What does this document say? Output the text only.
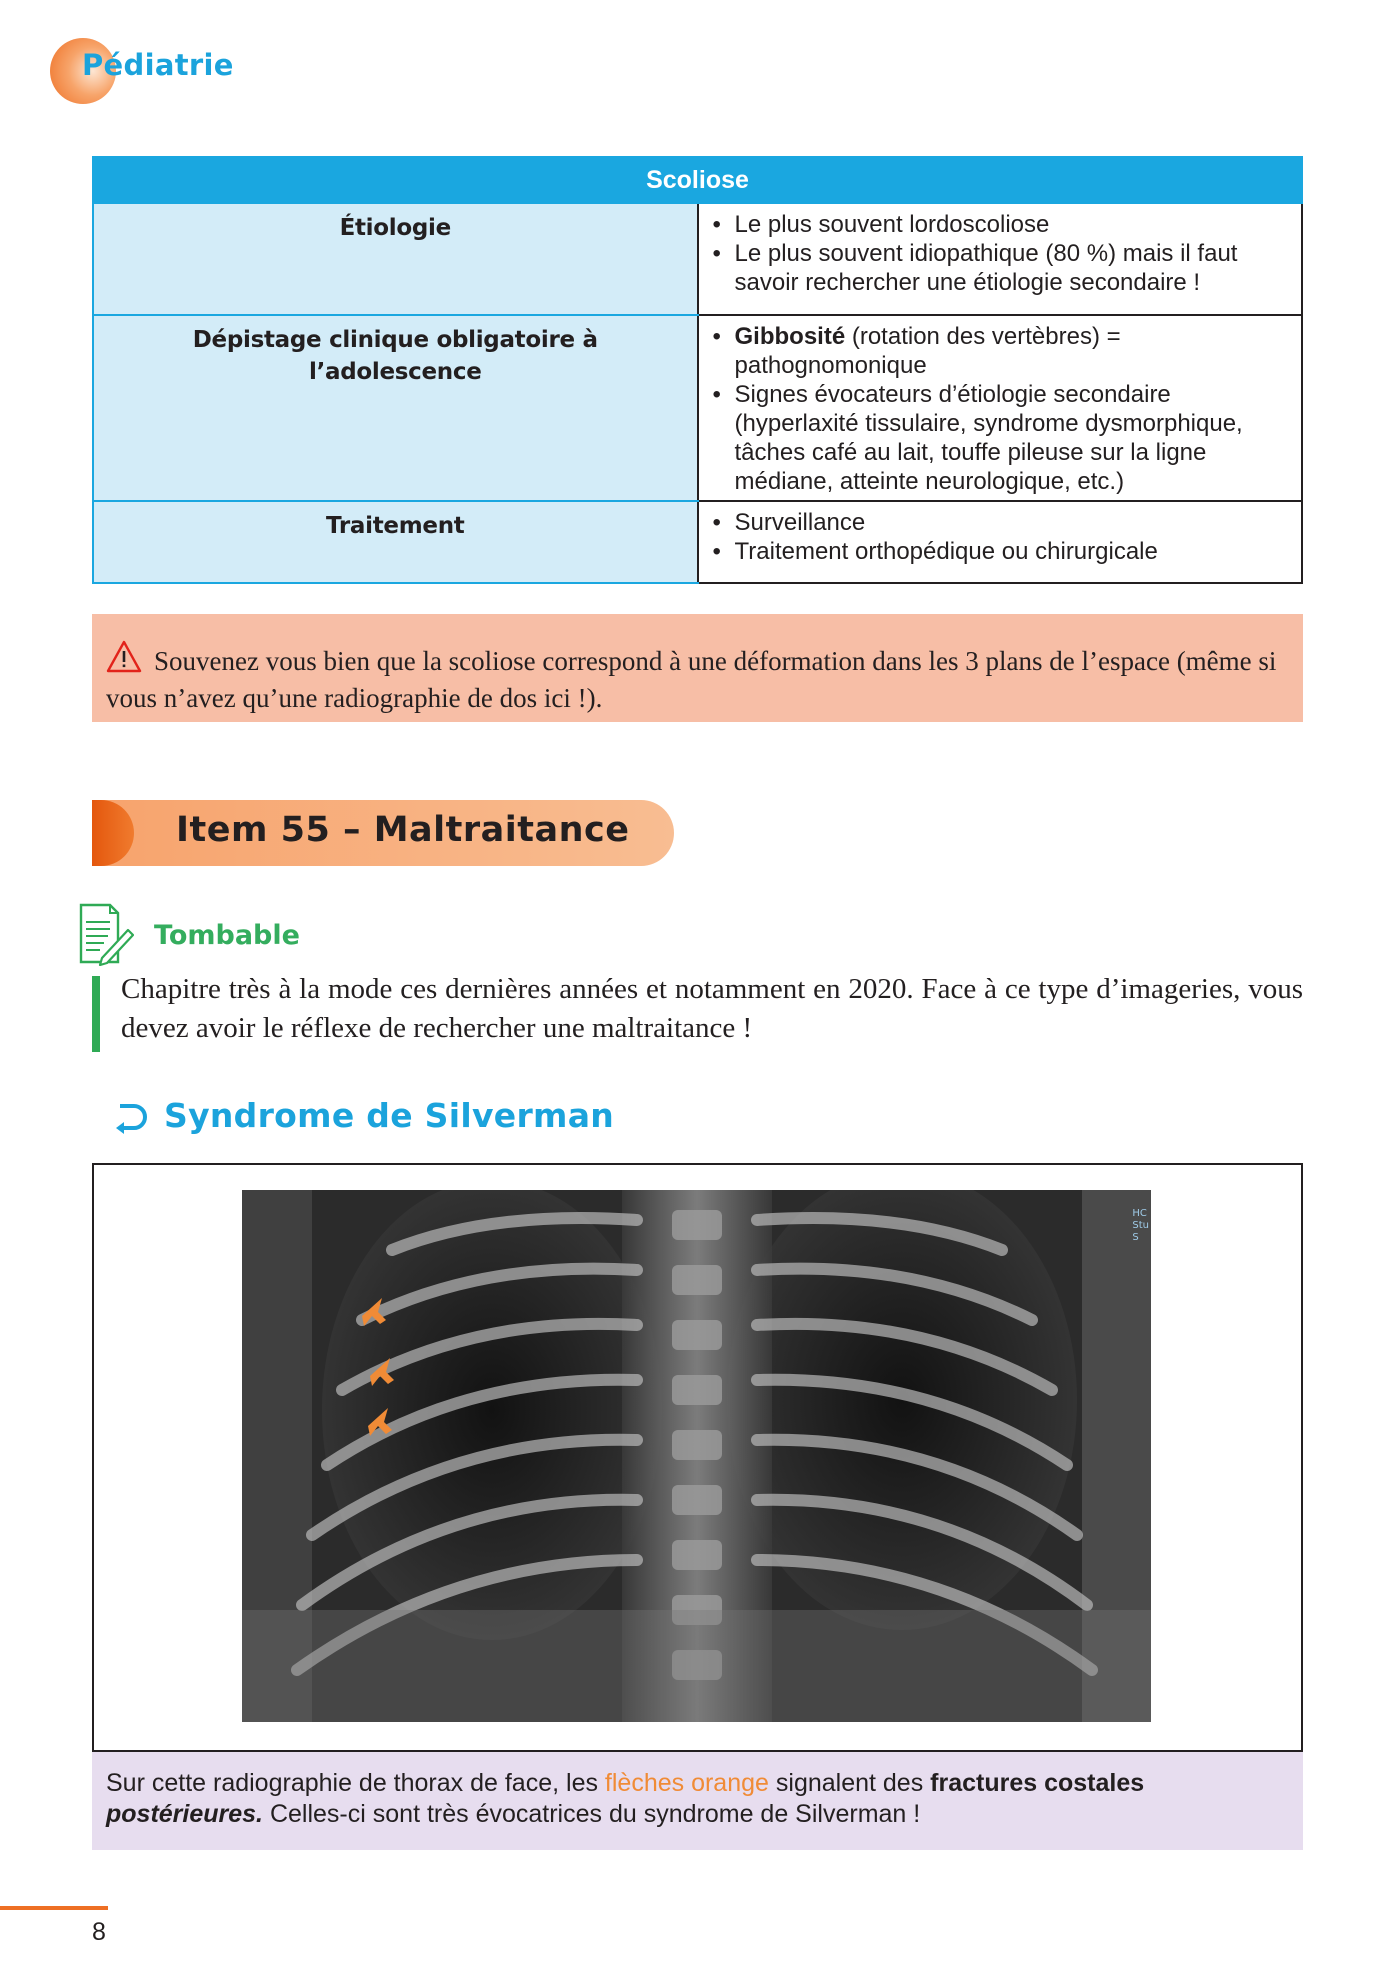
Pédiatrie
Scoliose	
Étiologie	• Le plus souvent lordoscoliose
• Le plus souvent idiopathique (80 %) mais il faut savoir rechercher une étiologie secondaire !

Dépistage clinique obligatoire à l’adolescence	• Gibbosité (rotation des vertèbres) = pathognomonique
• Signes évocateurs d’étiologie secondaire (hyperlaxité tissulaire, syndrome dysmorphique, tâches café au lait, touffe pileuse sur la ligne médiane, atteinte neurologique, etc.)

Traitement	• Surveillance
• Traitement orthopédique ou chirurgicale
Souvenez vous bien que la scoliose correspond à une déformation dans les 3 plans de l’espace (même si vous n’avez qu’une radiographie de dos ici !).
Item 55 – Maltraitance
Tombable
Chapitre très à la mode ces dernières années et notamment en 2020. Face à ce type d’imageries, vous devez avoir le réflexe de rechercher une maltraitance !
Syndrome de Silverman
HC
Stu
S
Sur cette radiographie de thorax de face, les flèches orange signalent des fractures costales postérieures. Celles-ci sont très évocatrices du syndrome de Silverman !
8
